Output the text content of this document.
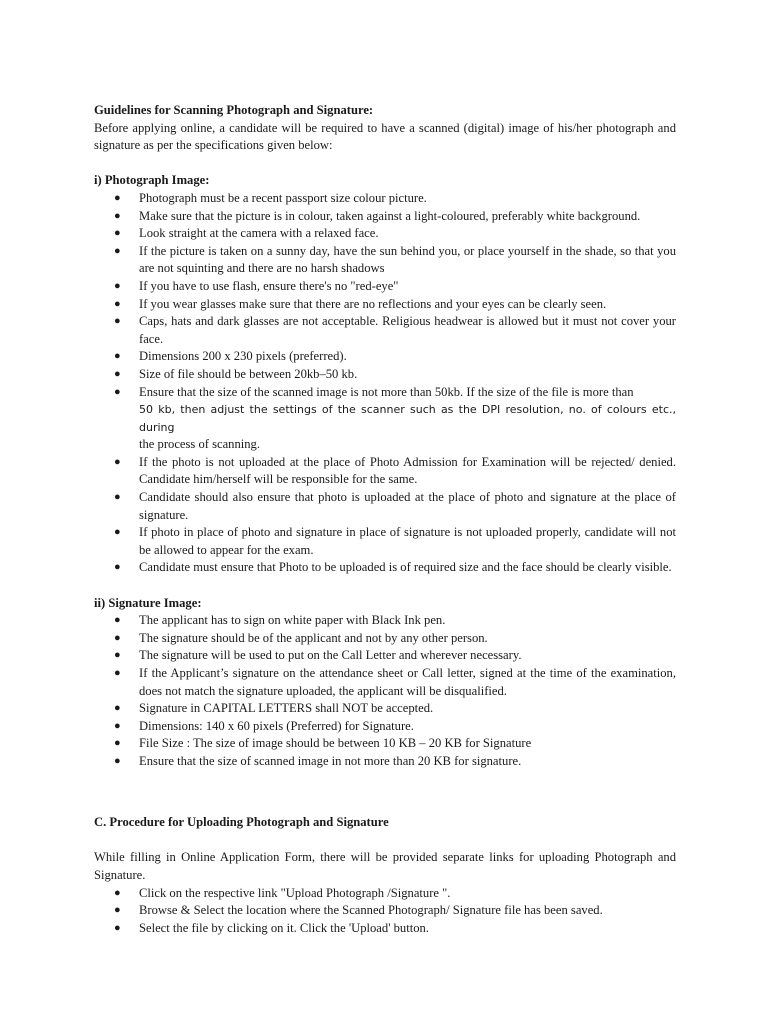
Guidelines for Scanning Photograph and Signature:

Before applying online, a candidate will be required to have a scanned (digital) image of his/her photograph and signature as per the specifications given below:

i) Photograph Image:

● Photograph must be a recent passport size colour picture.
● Make sure that the picture is in colour, taken against a light-coloured, preferably white background.
● Look straight at the camera with a relaxed face.
● If the picture is taken on a sunny day, have the sun behind you, or place yourself in the shade, so that you are not squinting and there are no harsh shadows
● If you have to use flash, ensure there's no "red-eye"
● If you wear glasses make sure that there are no reflections and your eyes can be clearly seen.
● Caps, hats and dark glasses are not acceptable. Religious headwear is allowed but it must not cover your face.
● Dimensions 200 x 230 pixels (preferred).
● Size of file should be between 20kb–50 kb.
● Ensure that the size of the scanned image is not more than 50kb. If the size of the file is more than
50 kb, then adjust the settings of the scanner such as the DPI resolution, no. of colours etc., during
the process of scanning.
● If the photo is not uploaded at the place of Photo Admission for Examination will be rejected/ denied. Candidate him/herself will be responsible for the same.
● Candidate should also ensure that photo is uploaded at the place of photo and signature at the place of signature.
● If photo in place of photo and signature in place of signature is not uploaded properly, candidate will not be allowed to appear for the exam.
● Candidate must ensure that Photo to be uploaded is of required size and the face should be clearly visible.

ii) Signature Image:

● The applicant has to sign on white paper with Black Ink pen.
● The signature should be of the applicant and not by any other person.
● The signature will be used to put on the Call Letter and wherever necessary.
● If the Applicant’s signature on the attendance sheet or Call letter, signed at the time of the examination, does not match the signature uploaded, the applicant will be disqualified.
● Signature in CAPITAL LETTERS shall NOT be accepted.
● Dimensions: 140 x 60 pixels (Preferred) for Signature.
● File Size : The size of image should be between 10 KB – 20 KB for Signature
● Ensure that the size of scanned image in not more than 20 KB for signature.

C. Procedure for Uploading Photograph and Signature

While filling in Online Application Form, there will be provided separate links for uploading Photograph and Signature.

● Click on the respective link "Upload Photograph /Signature ".
● Browse & Select the location where the Scanned Photograph/ Signature file has been saved.
● Select the file by clicking on it. Click the 'Upload' button.
